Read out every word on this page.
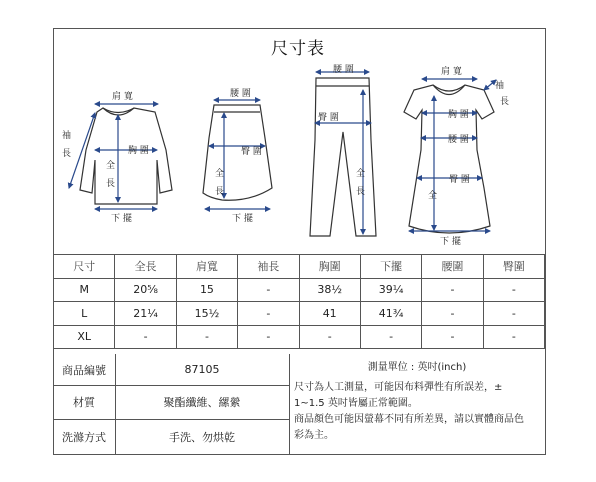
尺寸表
肩 寬
袖
長	胸 圍
全
長
下 擺
腰 圍
臀 圍
全
長
下 擺
腰 圍
臀 圍
全
長
肩 寬
袖
長
胸 圍
腰 圍
臀 圍
全
下 擺
尺寸	全長	肩寬	袖長	胸圍	下擺	腰圍	臀圍
M	20⅝	15	-	38½	39¼	-	-
L	21¼	15½	-	41	41¾	-	-
XL	-	-	-	-	-	-	-
商品編號	87105
材質	聚酯纖維、縲縈
洗滌方式	手洗、勿烘乾
測量單位 : 英吋(inch)
尺寸為人工測量，可能因布料彈性有所誤差，±
1~1.5 英吋皆屬正常範圍。
商品顏色可能因螢幕不同有所差異，請以實體商品色
彩為主。
